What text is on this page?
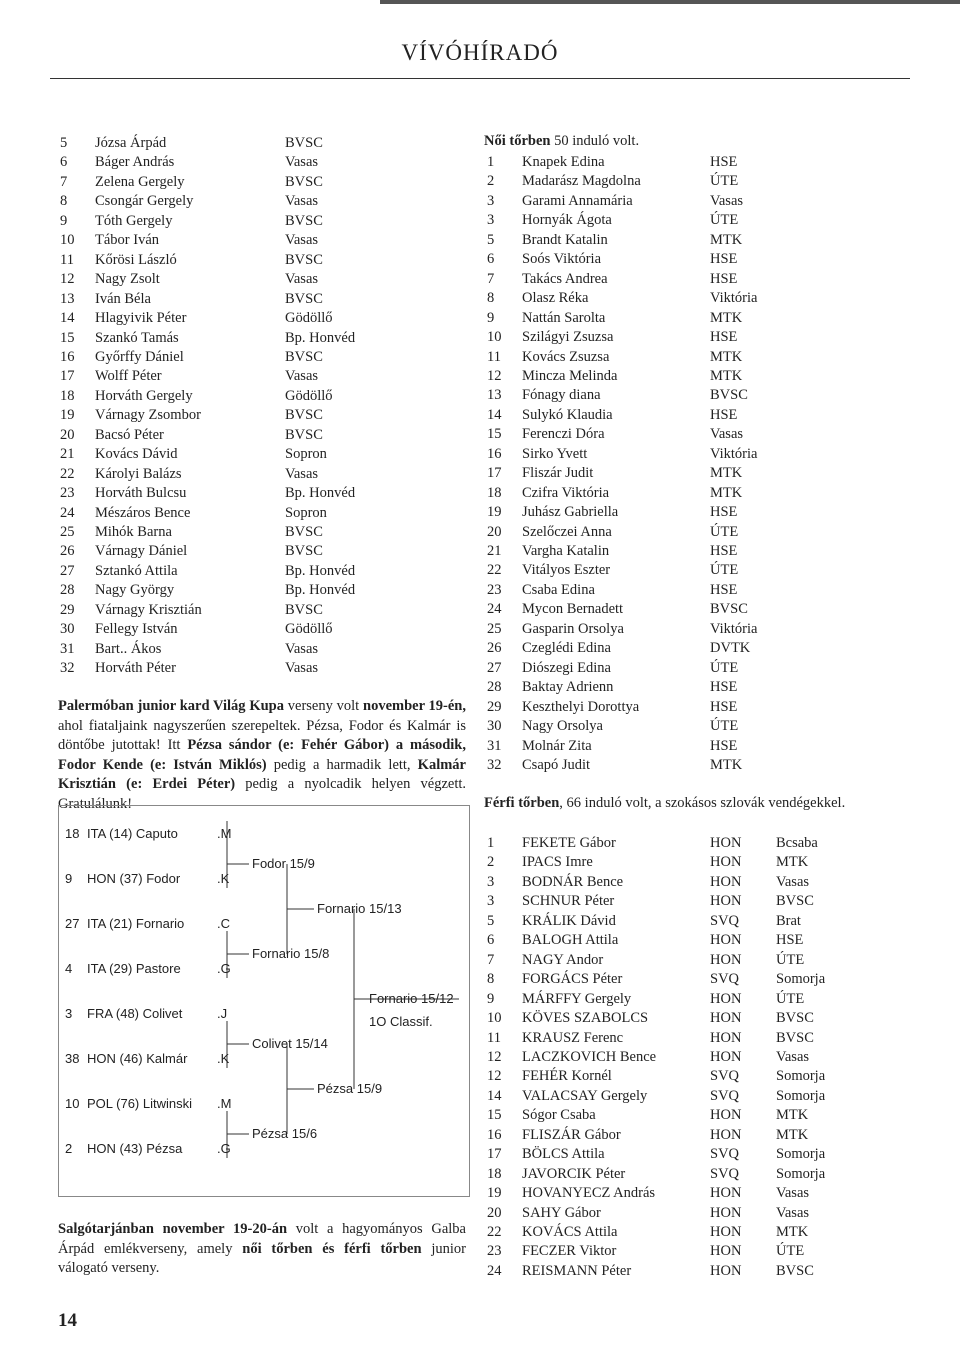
VÍVÓHÍRADÓ
5 Józsa Árpád	BVSC
6 Báger András	Vasas
7 Zelena Gergely	BVSC
8 Csongár Gergely	Vasas
9 Tóth Gergely	BVSC
10 Tábor Iván	Vasas
11 Kőrösi László	BVSC
12 Nagy Zsolt	Vasas
13 Iván Béla	BVSC
14 Hlagyivik Péter	Gödöllő
15 Szankó Tamás	Bp. Honvéd
16 Győrffy Dániel	BVSC
17 Wolff Péter	Vasas
18 Horváth Gergely	Gödöllő
19 Várnagy Zsombor	BVSC
20 Bacsó Péter	BVSC
21 Kovács Dávid	Sopron
22 Károlyi Balázs	Vasas
23 Horváth Bulcsu	Bp. Honvéd
24 Mészáros Bence	Sopron
25 Mihók Barna	BVSC
26 Várnagy Dániel	BVSC
27 Sztankó Attila	Bp. Honvéd
28 Nagy György	Bp. Honvéd
29 Várnagy Krisztián	BVSC
30 Fellegy István	Gödöllő
31 Bart.. Ákos	Vasas
32 Horváth Péter	Vasas
Palermóban junior kard Világ Kupa verseny volt november 19-én, ahol fiataljaink nagyszerűen szerepeltek. Pézsa, Fodor és Kalmár is döntőbe jutottak! Itt Pézsa sándor (e: Fehér Gábor) a második, Fodor Kende (e: István Miklós) pedig a harmadik lett, Kalmár Krisztián (e: Erdei Péter) pedig a nyolcadik helyen végzett. Gratulálunk!
18 ITA (14) Caputo	.M
9 HON (37) Fodor	.K
27 ITA (21) Fornario	.C
4 ITA (29) Pastore	.G
3 FRA (48) Colivet	.J
38 HON (46) Kalmár .K
10 POL (76) Litwinski .M
2 HON (43) Pézsa	.G
Fodor 15/9
Fornario 15/8
Colivet 15/14
Pézsa 15/6
Fornario 15/13
Pézsa 15/9
Fornario 15/12
1O Classif.
Salgótarjánban november 19-20-án volt a hagyományos Galba Árpád emlékverseny, amely női tőrben és férfi tőrben junior válogató verseny.
14
Női tőrben 50 induló volt.
1 Knapek Edina	HSE
2 Madarász Magdolna	ÚTE
3 Garami Annamária	Vasas
3 Hornyák Ágota	ÚTE
5 Brandt Katalin	MTK
6 Soós Viktória	HSE
7 Takács Andrea	HSE
8 Olasz Réka	Viktória
9 Nattán Sarolta	MTK
10 Szilágyi Zsuzsa	HSE
11 Kovács Zsuzsa	MTK
12 Mincza Melinda	MTK
13 Fónagy diana	BVSC
14 Sulykó Klaudia	HSE
15 Ferenczi Dóra	Vasas
16 Sirko Yvett	Viktória
17 Fliszár Judit	MTK
18 Czifra Viktória	MTK
19 Juhász Gabriella	HSE
20 Szelőczei Anna	ÚTE
21 Vargha Katalin	HSE
22 Vitályos Eszter	ÚTE
23 Csaba Edina	HSE
24 Mycon Bernadett	BVSC
25 Gasparin Orsolya	Viktória
26 Czeglédi Edina	DVTK
27 Diószegi Edina	ÚTE
28 Baktay Adrienn	HSE
29 Keszthelyi Dorottya	HSE
30 Nagy Orsolya	ÚTE
31 Molnár Zita	HSE
32 Csapó Judit	MTK
Férfi tőrben, 66 induló volt, a szokásos szlovák vendégekkel.
1 FEKETE Gábor	HON Bcsaba
2 IPACS Imre	HON MTK
3 BODNÁR Bence	HON Vasas
3 SCHNUR Péter	HON BVSC
5 KRÁLIK Dávid	SVQ	Brat
6 BALOGH Attila	HON HSE
7 NAGY Andor	HON ÚTE
8 FORGÁCS Péter	SVQ	Somorja
9 MÁRFFY Gergely	HON ÚTE
10 KÖVES SZABOLCS	HON BVSC
11 KRAUSZ Ferenc	HON BVSC
12 LACZKOVICH Bence	HON Vasas
12 FEHÉR Kornél	SVQ	Somorja
14 VALACSAY Gergely	SVQ	Somorja
15 Sógor Csaba	HON MTK
16 FLISZÁR Gábor	HON MTK
17 BÖLCS Attila	SVQ	Somorja
18 JAVORCIK Péter	SVQ	Somorja
19 HOVANYECZ András	HON Vasas
20 SAHY Gábor	HON Vasas
22 KOVÁCS Attila	HON MTK
23 FECZER Viktor	HON ÚTE
24 REISMANN Péter	HON BVSC
